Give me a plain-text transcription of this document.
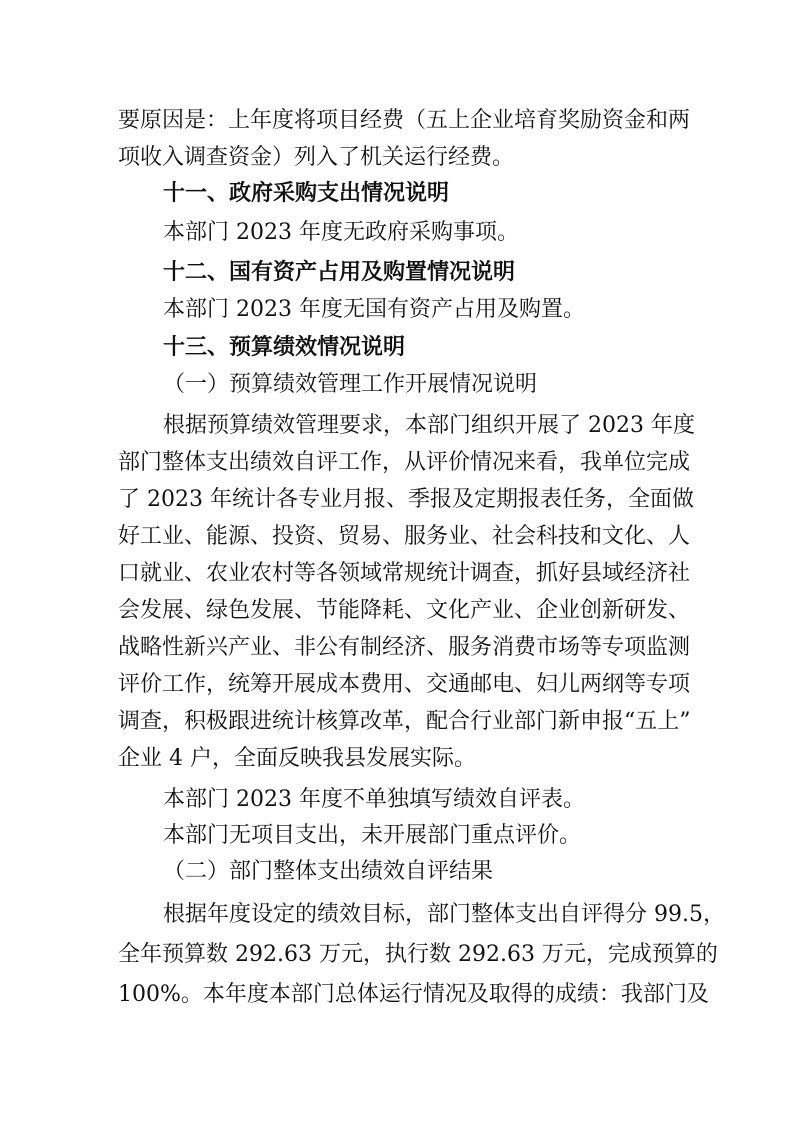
要原因是：上年度将项目经费（五上企业培育奖励资金和两
项收入调查资金）列入了机关运行经费。
十一、政府采购支出情况说明
本部门 2023 年度无政府采购事项。
十二、国有资产占用及购置情况说明
本部门 2023 年度无国有资产占用及购置。
十三、预算绩效情况说明
（一）预算绩效管理工作开展情况说明
根据预算绩效管理要求，本部门组织开展了 2023 年度
部门整体支出绩效自评工作，从评价情况来看，我单位完成
了 2023 年统计各专业月报、季报及定期报表任务，全面做
好工业、能源、投资、贸易、服务业、社会科技和文化、人
口就业、农业农村等各领域常规统计调查，抓好县域经济社
会发展、绿色发展、节能降耗、文化产业、企业创新研发、
战略性新兴产业、非公有制经济、服务消费市场等专项监测
评价工作，统筹开展成本费用、交通邮电、妇儿两纲等专项
调查，积极跟进统计核算改革，配合行业部门新申报“五上”
企业 4 户，全面反映我县发展实际。
本部门 2023 年度不单独填写绩效自评表。
本部门无项目支出，未开展部门重点评价。
（二）部门整体支出绩效自评结果
根据年度设定的绩效目标，部门整体支出自评得分 99.5，
全年预算数 292.63 万元，执行数 292.63 万元，完成预算的
100%。本年度本部门总体运行情况及取得的成绩：我部门及
